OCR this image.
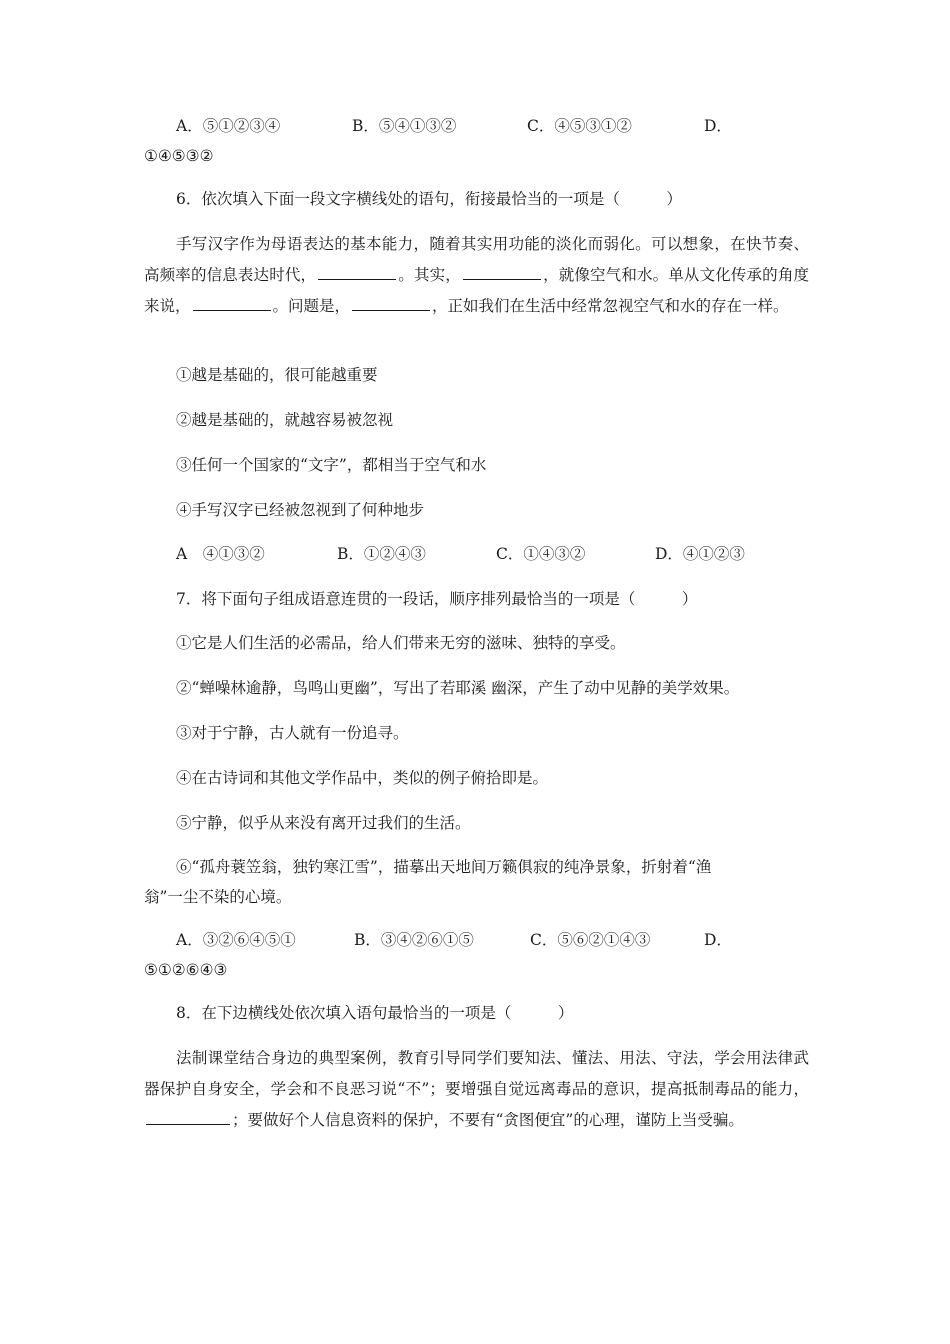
A．⑤①②③④	B．⑤④①③②	C．④⑤③①②	D．
①④⑤③②
6．依次填入下面一段文字横线处的语句，衔接最恰当的一项是（　　　）
手写汉字作为母语表达的基本能力，随着其实用功能的淡化而弱化。可以想象，在快节奏、高频率的信息表达时代，	。其实，	，就像空气和水。单从文化传承的角度来说，	。问题是，	，正如我们在生活中经常忽视空气和水的存在一样。
①越是基础的，很可能越重要
②越是基础的，就越容易被忽视
③任何一个国家的“文字”，都相当于空气和水
④手写汉字已经被忽视到了何种地步
A　④①③②	B．①②④③	C．①④③②	D．④①②③
7．将下面句子组成语意连贯的一段话，顺序排列最恰当的一项是（　　　）
①它是人们生活的必需品，给人们带来无穷的滋味、独特的享受。
②“蝉噪林逾静，鸟鸣山更幽”，写出了若耶溪 幽深，产生了动中见静的美学效果。
③对于宁静，古人就有一份追寻。
④在古诗词和其他文学作品中，类似的例子俯拾即是。
⑤宁静，似乎从来没有离开过我们的生活。
⑥“孤舟蓑笠翁，独钓寒江雪”，描摹出天地间万籁俱寂的纯净景象，折射着“渔
翁”一尘不染的心境。
A．③②⑥④⑤①	B．③④②⑥①⑤	C．⑤⑥②①④③	D．
⑤①②⑥④③
8．在下边横线处依次填入语句最恰当的一项是（　　　）
法制课堂结合身边的典型案例，教育引导同学们要知法、懂法、用法、守法，学会用法律武器保护自身安全，学会和不良恶习说“不”；要增强自觉远离毒品的意识，提高抵制毒品的能力，；要做好个人信息资料的保护，不要有“贪图便宜”的心理，谨防上当受骗。
